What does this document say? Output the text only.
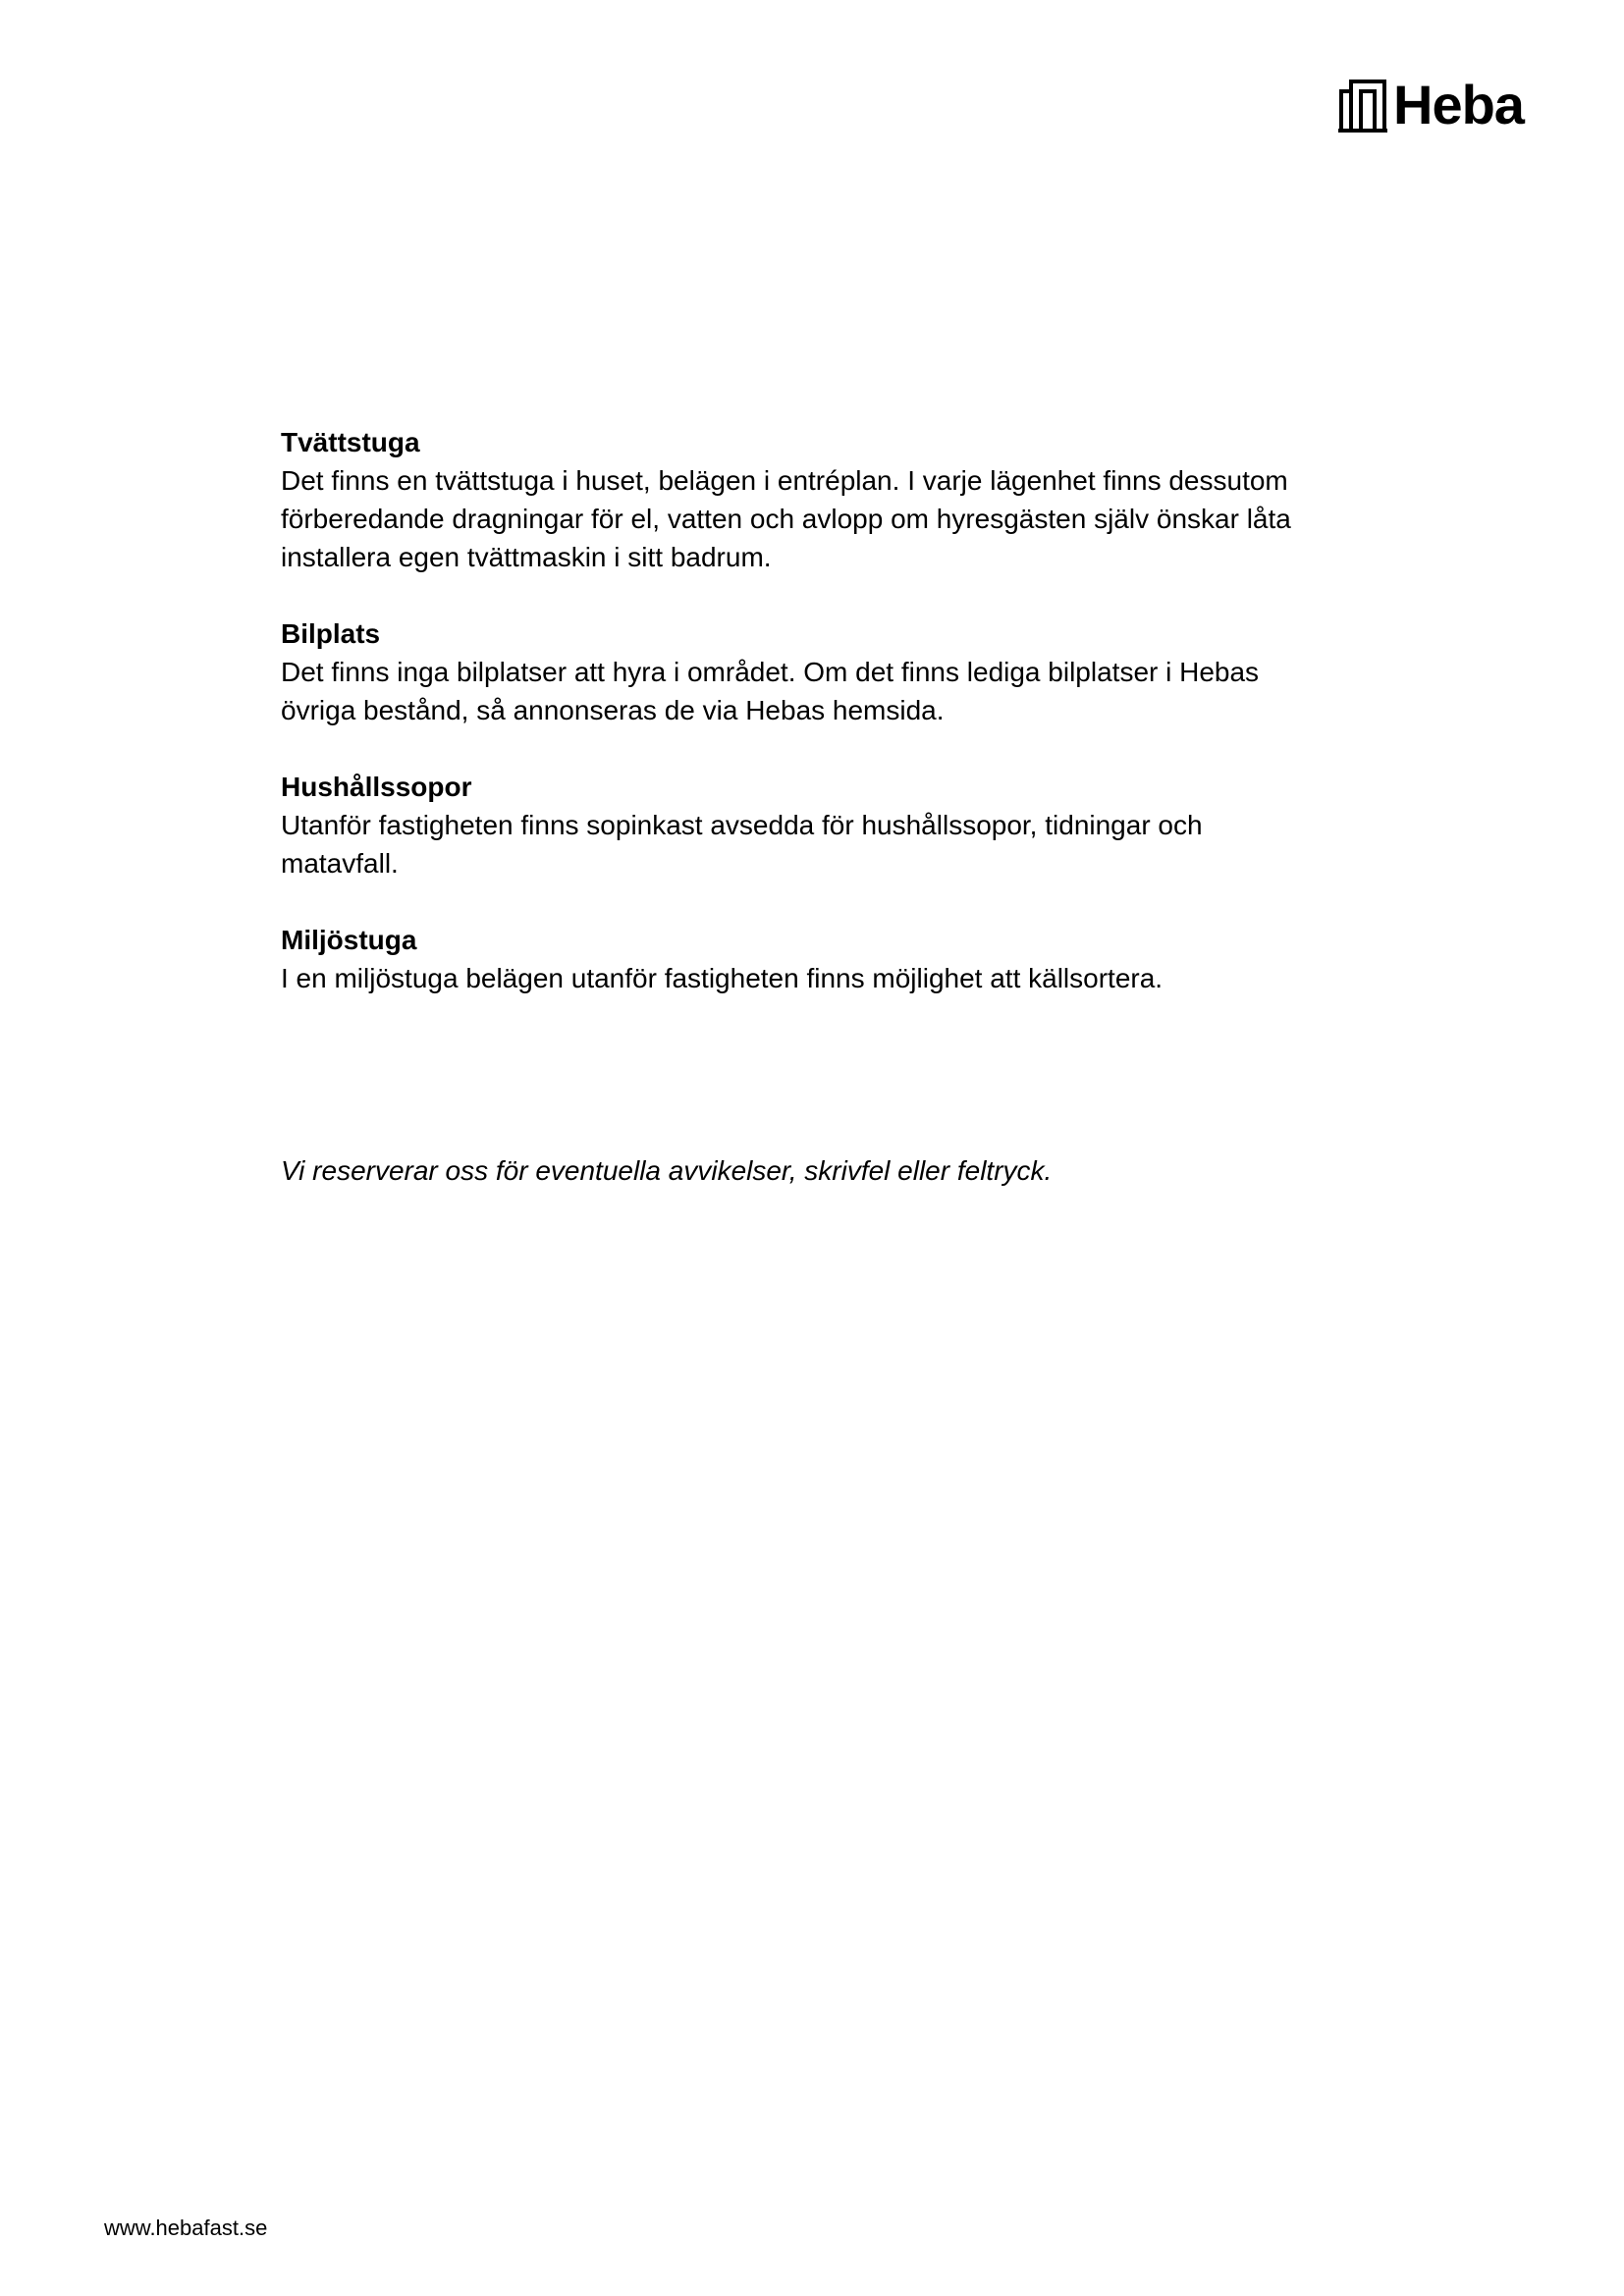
Heba
Tvättstuga

Det finns en tvättstuga i huset, belägen i entréplan. I varje lägenhet finns dessutom förberedande dragningar för el, vatten och avlopp om hyresgästen själv önskar låta installera egen tvättmaskin i sitt badrum.

Bilplats

Det finns inga bilplatser att hyra i området. Om det finns lediga bilplatser i Hebas övriga bestånd, så annonseras de via Hebas hemsida.

Hushållssopor

Utanför fastigheten finns sopinkast avsedda för hushållssopor, tidningar och matavfall.

Miljöstuga

I en miljöstuga belägen utanför fastigheten finns möjlighet att källsortera.

Vi reserverar oss för eventuella avvikelser, skrivfel eller feltryck.

www.hebafast.se
